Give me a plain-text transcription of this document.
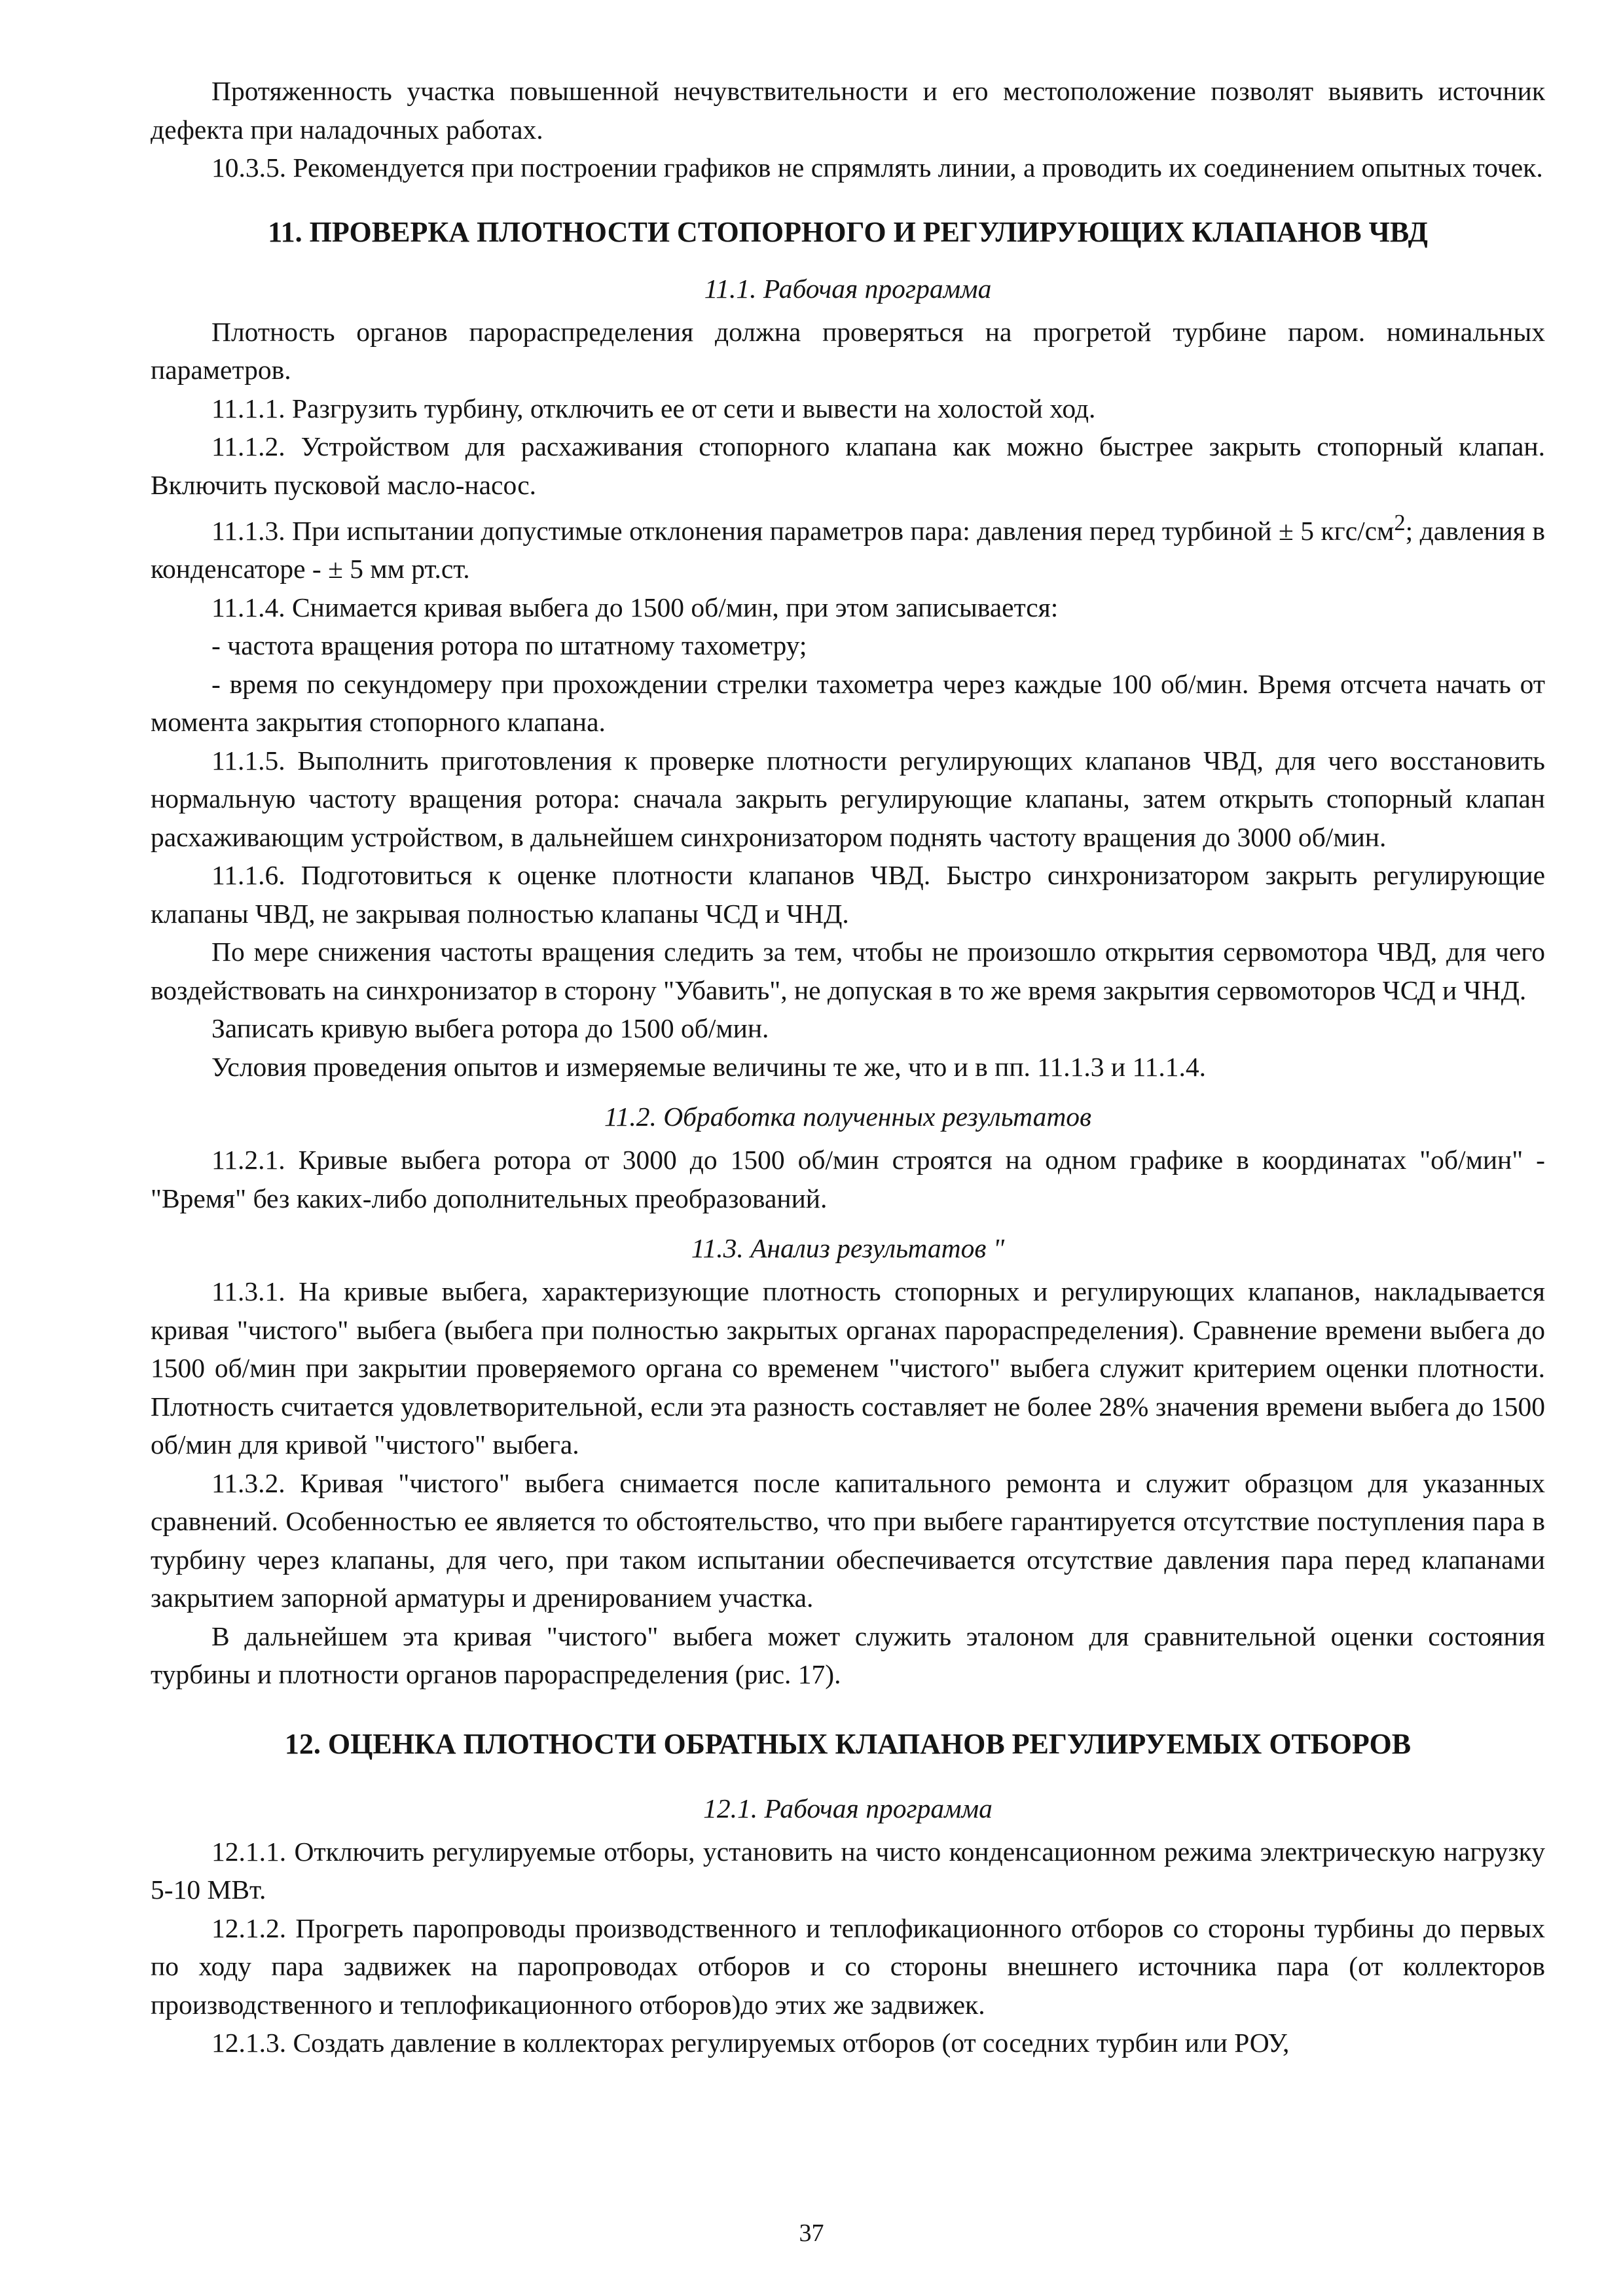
Протяженность участка повышенной нечувствительности и его местоположение позволят выявить источник дефекта при наладочных работах.

10.3.5. Рекомендуется при построении графиков не спрямлять линии, а проводить их соединением опытных точек.

11. ПРОВЕРКА ПЛОТНОСТИ СТОПОРНОГО И РЕГУЛИРУЮЩИХ КЛАПАНОВ ЧВД
11.1. Рабочая программа

Плотность органов парораспределения должна проверяться на прогретой турбине паром. номинальных параметров.

11.1.1. Разгрузить турбину, отключить ее от сети и вывести на холостой ход.

11.1.2. Устройством для расхаживания стопорного клапана как можно быстрее закрыть стопорный клапан. Включить пусковой масло-насос.

11.1.3. При испытании допустимые отклонения параметров пара: давления перед турбиной ± 5 кгс/$см^2$; давления в конденсаторе - ± 5 мм рт.ст.

11.1.4. Снимается кривая выбега до 1500 об/мин, при этом записывается:

- частота вращения ротора по штатному тахометру;

- время по секундомеру при прохождении стрелки тахометра через каждые 100 об/мин. Время отсчета начать от момента закрытия стопорного клапана.

11.1.5. Выполнить приготовления к проверке плотности регулирующих клапанов ЧВД, для чего восстановить нормальную частоту вращения ротора: сначала закрыть регулирующие клапаны, затем открыть стопорный клапан расхаживающим устройством, в дальнейшем синхронизатором поднять частоту вращения до 3000 об/мин.

11.1.6. Подготовиться к оценке плотности клапанов ЧВД. Быстро синхронизатором закрыть регулирующие клапаны ЧВД, не закрывая полностью клапаны ЧСД и ЧНД.

По мере снижения частоты вращения следить за тем, чтобы не произошло открытия сервомотора ЧВД, для чего воздействовать на синхронизатор в сторону "Убавить", не допуская в то же время закрытия сервомоторов ЧСД и ЧНД.

Записать кривую выбега ротора до 1500 об/мин.

Условия проведения опытов и измеряемые величины те же, что и в пп. 11.1.3 и 11.1.4.

11.2. Обработка полученных результатов

11.2.1. Кривые выбега ротора от 3000 до 1500 об/мин строятся на одном графике в координатах "об/мин" - "Время" без каких-либо дополнительных преобразований.

11.3. Анализ результатов "

11.3.1. На кривые выбега, характеризующие плотность стопорных и регулирующих клапанов, накладывается кривая "чистого" выбега (выбега при полностью закрытых органах парораспределения). Сравнение времени выбега до 1500 об/мин при закрытии проверяемого органа со временем "чистого" выбега служит критерием оценки плотности. Плотность считается удовлетворительной, если эта разность составляет не более 28% значения времени выбега до 1500 об/мин для кривой "чистого" выбега.

11.3.2. Кривая "чистого" выбега снимается после капитального ремонта и служит образцом для указанных сравнений. Особенностью ее является то обстоятельство, что при выбеге гарантируется отсутствие поступления пара в турбину через клапаны, для чего, при таком испытании обеспечивается отсутствие давления пара перед клапанами закрытием запорной арматуры и дренированием участка.

В дальнейшем эта кривая "чистого" выбега может служить эталоном для сравнительной оценки состояния турбины и плотности органов парораспределения (рис. 17).

12. ОЦЕНКА ПЛОТНОСТИ ОБРАТНЫХ КЛАПАНОВ РЕГУЛИРУЕМЫХ ОТБОРОВ
12.1. Рабочая программа

12.1.1. Отключить регулируемые отборы, установить на чисто конденсационном режима электрическую нагрузку 5-10 МВт.

12.1.2. Прогреть паропроводы производственного и теплофикационного отборов со стороны турбины до первых по ходу пара задвижек на паропроводах отборов и со стороны внешнего источника пара (от коллекторов производственного и теплофикационного отборов)до этих же задвижек.

12.1.3. Создать давление в коллекторах регулируемых отборов (от соседних турбин или РОУ,

37
